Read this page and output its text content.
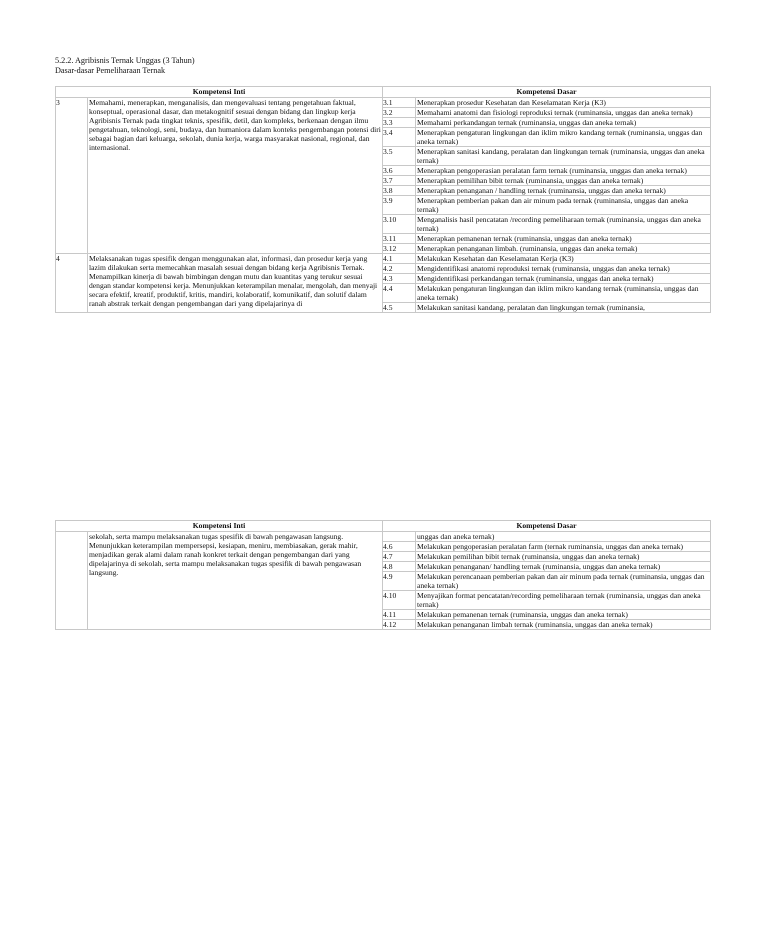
5.2.2. Agribisnis Ternak Unggas (3 Tahun)
Dasar-dasar Pemeliharaan Ternak
Kompetensi Inti		Kompetensi Dasar	
3	Memahami, menerapkan, menganalisis, dan mengevaluasi tentang pengetahuan faktual, konseptual, operasional dasar, dan metakognitif sesuai dengan bidang dan lingkup kerja Agribisnis Ternak pada tingkat teknis, spesifik, detil, dan kompleks, berkenaan dengan ilmu pengetahuan, teknologi, seni, budaya, dan humaniora dalam konteks pengembangan potensi diri sebagai bagian dari keluarga, sekolah, dunia kerja, warga masyarakat nasional, regional, dan internasional.	3.1	Menerapkan prosedur Kesehatan dan Keselamatan Kerja (K3)
		3.2	Memahami anatomi dan fisiologi reproduksi ternak (ruminansia, unggas dan aneka ternak)
		3.3	Memahami perkandangan ternak (ruminansia, unggas dan aneka ternak)
		3.4	Menerapkan pengaturan lingkungan dan iklim mikro kandang ternak (ruminansia, unggas dan aneka ternak)
		3.5	Menerapkan sanitasi kandang, peralatan dan lingkungan ternak (ruminansia, unggas dan aneka ternak)
		3.6	Menerapkan pengoperasian peralatan farm ternak (ruminansia, unggas dan aneka ternak)
		3.7	Menerapkan pemilihan bibit ternak (ruminansia, unggas dan aneka ternak)
		3.8	Menerapkan penanganan / handling ternak (ruminansia, unggas dan aneka ternak)
		3.9	Menerapkan pemberian pakan dan air minum pada ternak (ruminansia, unggas dan aneka ternak)
		3.10	Menganalisis hasil pencatatan /recording pemeliharaan ternak (ruminansia, unggas dan aneka ternak)
		3.11	Menerapkan pemanenan ternak (ruminansia, unggas dan aneka ternak)
		3.12	Menerapkan penanganan limbah. (ruminansia, unggas dan aneka ternak)
4	Melaksanakan tugas spesifik dengan menggunakan alat, informasi, dan prosedur kerja yang lazim dilakukan serta memecahkan masalah sesuai dengan bidang kerja Agribisnis Ternak. Menampilkan kinerja di bawah bimbingan dengan mutu dan kuantitas yang terukur sesuai dengan standar kompetensi kerja. Menunjukkan keterampilan menalar, mengolah, dan menyaji secara efektif, kreatif, produktif, kritis, mandiri, kolaboratif, komunikatif, dan solutif dalam ranah abstrak terkait dengan pengembangan dari yang dipelajarinya di	4.1	Melakukan Kesehatan dan Keselamatan Kerja (K3)
		4.2	Mengidentifikasi anatomi reproduksi ternak (ruminansia, unggas dan aneka ternak)
		4.3	Mengidentifikasi perkandangan ternak (ruminansia, unggas dan aneka ternak)
		4.4	Melakukan pengaturan lingkungan dan iklim mikro kandang ternak (ruminansia, unggas dan aneka ternak)
		4.5	Melakukan sanitasi kandang, peralatan dan lingkungan ternak (ruminansia,
Kompetensi Inti		Kompetensi Dasar	
	sekolah, serta mampu melaksanakan tugas spesifik di bawah pengawasan langsung. Menunjukkan keterampilan mempersepsi, kesiapan, meniru, membiasakan, gerak mahir, menjadikan gerak alami dalam ranah konkret terkait dengan pengembangan dari yang dipelajarinya di sekolah, serta mampu melaksanakan tugas spesifik di bawah pengawasan langsung.		unggas dan aneka ternak)
		4.6	Melakukan pengoperasian peralatan farm (ternak ruminansia, unggas dan aneka ternak)
		4.7	Melakukan pemilihan bibit ternak (ruminansia, unggas dan aneka ternak)
		4.8	Melakukan penanganan/ handling ternak (ruminansia, unggas dan aneka ternak)
		4.9	Melakukan perencanaan pemberian pakan dan air minum pada ternak (ruminansia, unggas dan aneka ternak)
		4.10	Menyajikan format pencatatan/recording pemeliharaan ternak (ruminansia, unggas dan aneka ternak)
		4.11	Melakukan pemanenan ternak (ruminansia, unggas dan aneka ternak)
		4.12	Melakukan penanganan limbah ternak (ruminansia, unggas dan aneka ternak)
